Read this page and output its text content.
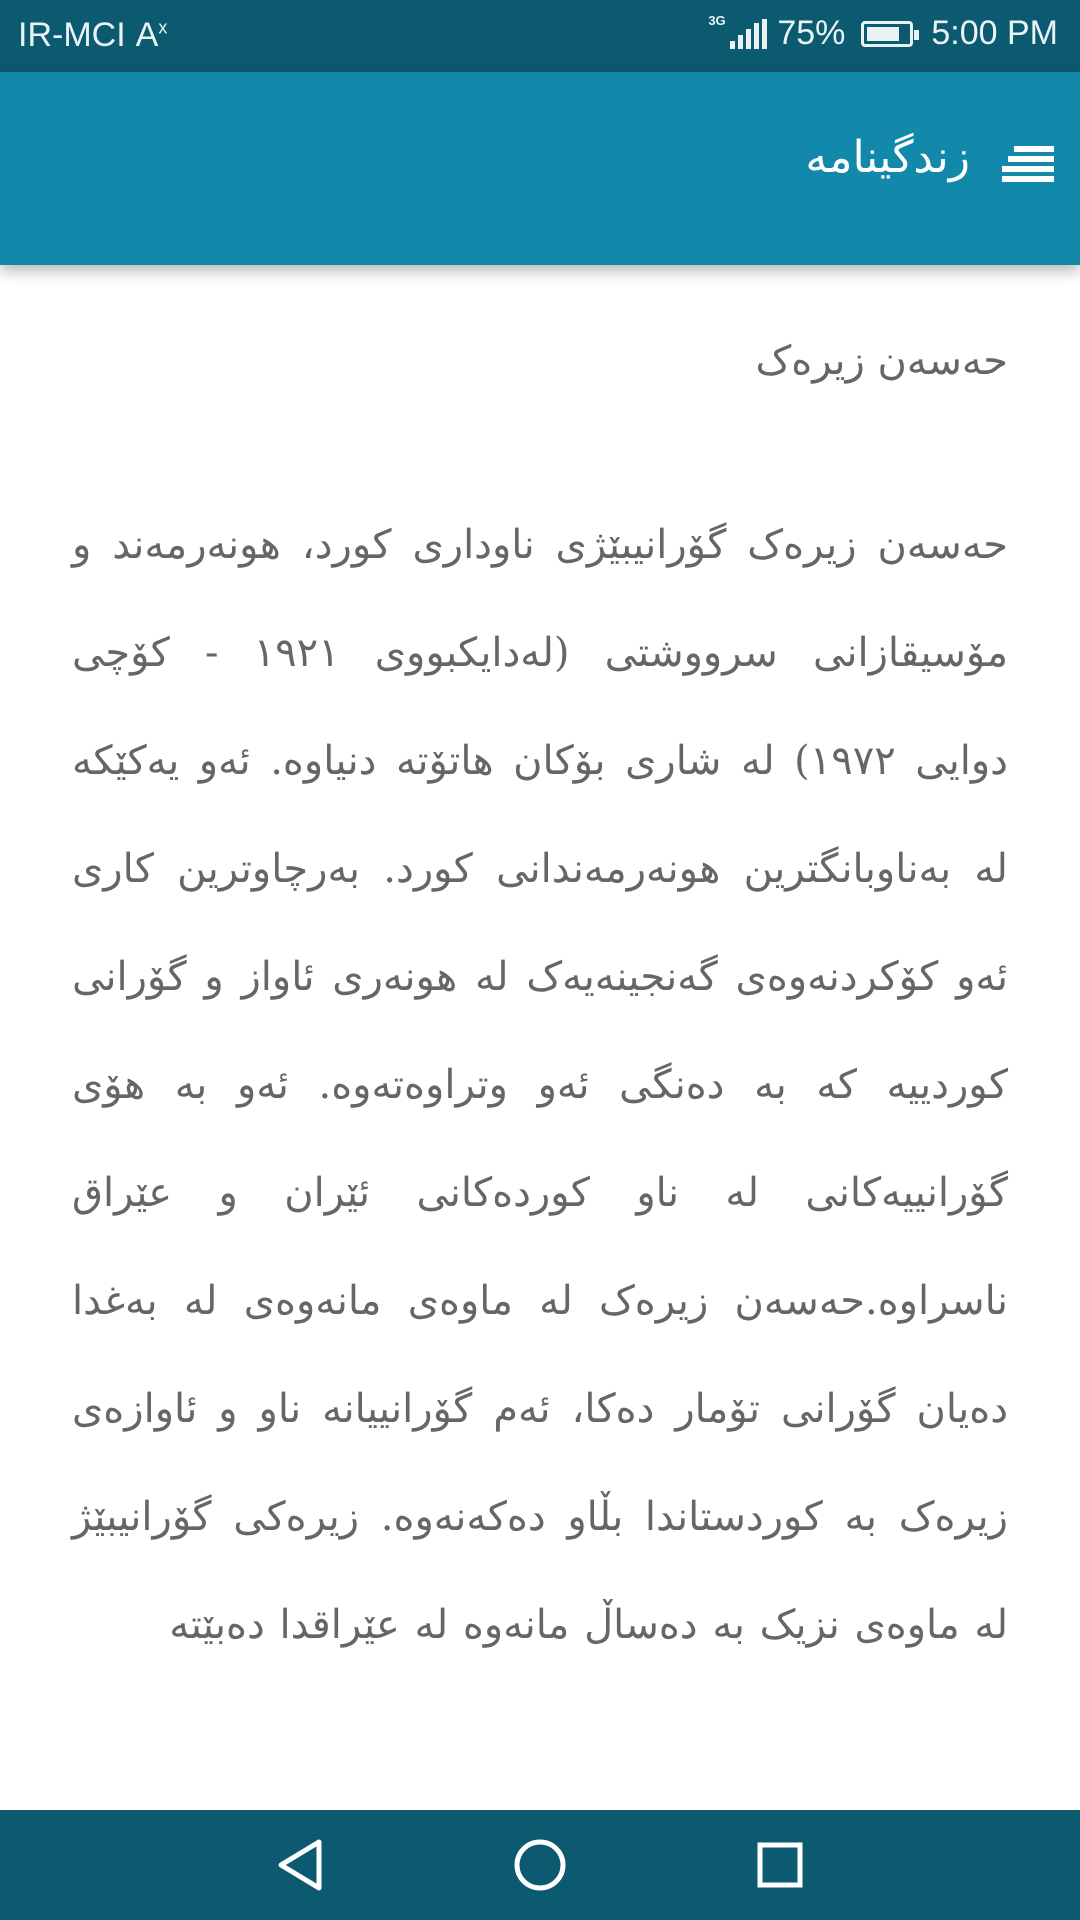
IR-MCI $A^x$	3G 75%	5:00 PM
زندگینامه
حەسەن زیرەک
حەسەن زیرەک گۆرانیبێژی ناوداری کورد، هونەرمەند و مۆسیقازانی سرووشتی (لەدایکبووی ١٩٢١ - کۆچی دوایی ١٩٧٢) لە شاری بۆکان هاتۆتە دنیاوە. ئەو یەکێکە لە بەناوبانگترین هونەرمەندانی کورد. بەرچاوترین کاری ئەو کۆکردنەوەی گەنجینەیەک لە هونەری ئاواز و گۆرانی کوردییە کە بە دەنگی ئەو وتراوەتەوە. ئەو بە هۆی گۆرانییەکانی لە ناو کوردەکانی ئێران و عێراق ناسراوە.حەسەن زیرەک لە ماوەی مانەوەی لە بەغدا دەیان گۆرانی تۆمار دەکا، ئەم گۆرانییانە ناو و ئاوازەی زیرەک بە کوردستاندا بڵاو دەکەنەوە. زیرەکی گۆرانیبێژ لە ماوەی نزیک بە دەساڵ مانەوە لە عێراقدا دەبێتە
